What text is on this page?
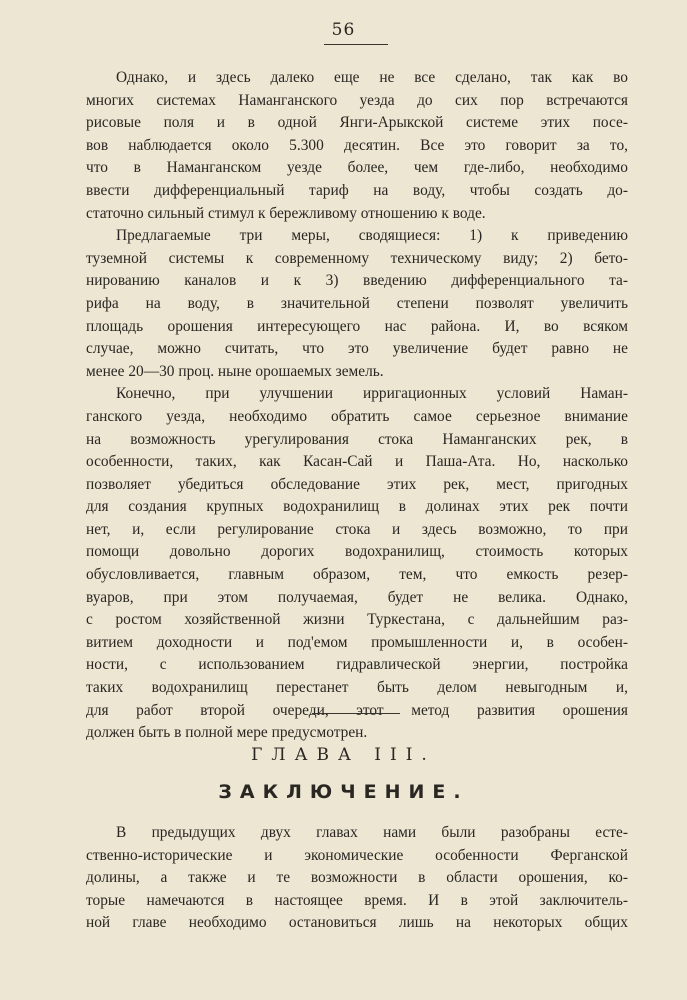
56
Однако, и здесь далеко еще не все сделано, так как во
многих системах Наманганского уезда до сих пор встречаются
рисовые поля и в одной Янги-Арыкской системе этих посе-
вов наблюдается около 5.300 десятин. Все это говорит за то,
что в Наманганском уезде более, чем где-либо, необходимо
ввести дифференциальный тариф на воду, чтобы создать до-
статочно сильный стимул к бережливому отношению к воде.
Предлагаемые три меры, сводящиеся: 1) к приведению
туземной системы к современному техническому виду; 2) бето-
нированию каналов и к 3) введению дифференциального та-
рифа на воду, в значительной степени позволят увеличить
площадь орошения интересующего нас района. И, во всяком
случае, можно считать, что это увеличение будет равно не
менее 20—30 проц. ныне орошаемых земель.
Конечно, при улучшении ирригационных условий Наман-
ганского уезда, необходимо обратить самое серьезное внимание
на возможность урегулирования стока Наманганских рек, в
особенности, таких, как Касан-Сай и Паша-Ата. Но, насколько
позволяет убедиться обследование этих рек, мест, пригодных
для создания крупных водохранилищ в долинах этих рек почти
нет, и, если регулирование стока и здесь возможно, то при
помощи довольно дорогих водохранилищ, стоимость которых
обусловливается, главным образом, тем, что емкость резер-
вуаров, при этом получаемая, будет не велика. Однако,
с ростом хозяйственной жизни Туркестана, с дальнейшим раз-
витием доходности и под'емом промышленности и, в особен-
ности, с использованием гидравлической энергии, постройка
таких водохранилищ перестанет быть делом невыгодным и,
для работ второй очереди, этот метод развития орошения
должен быть в полной мере предусмотрен.
ГЛАВА III.
ЗАКЛЮЧЕНИЕ.
В предыдущих двух главах нами были разобраны есте-
ственно-исторические и экономические особенности Ферганской
долины, а также и те возможности в области орошения, ко-
торые намечаются в настоящее время. И в этой заключитель-
ной главе необходимо остановиться лишь на некоторых общих
